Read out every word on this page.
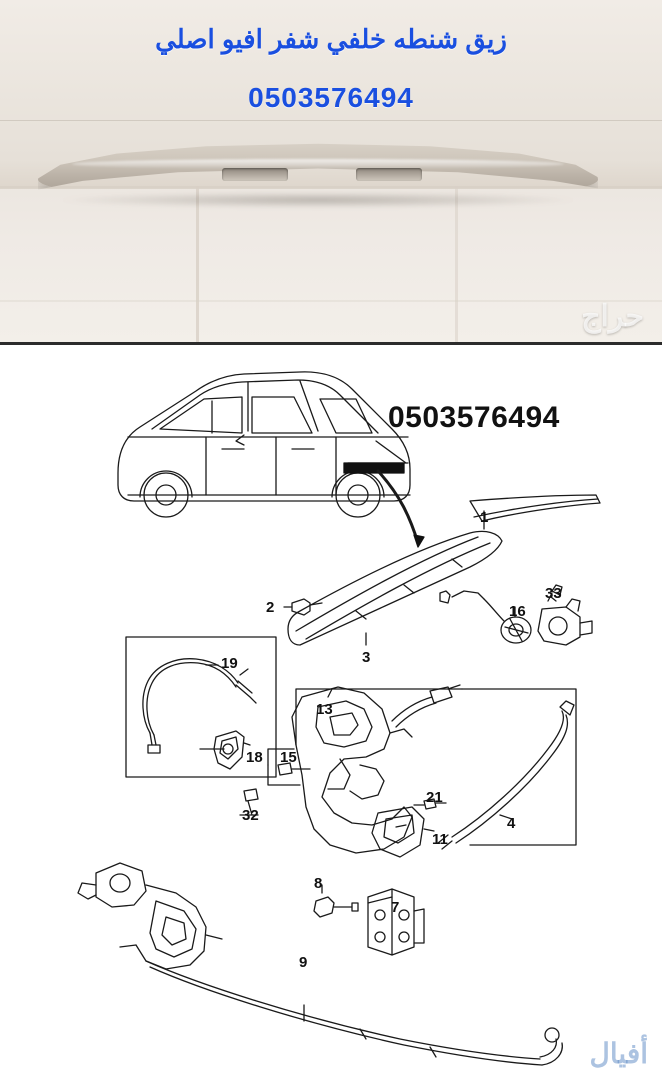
زيق شنطه خلفي شفر افيو اصلي
0503576494
حراج
0503576494
1
2
3
4
7
8
9
11
13
15
16
18
19
21
32
33
أفيال
